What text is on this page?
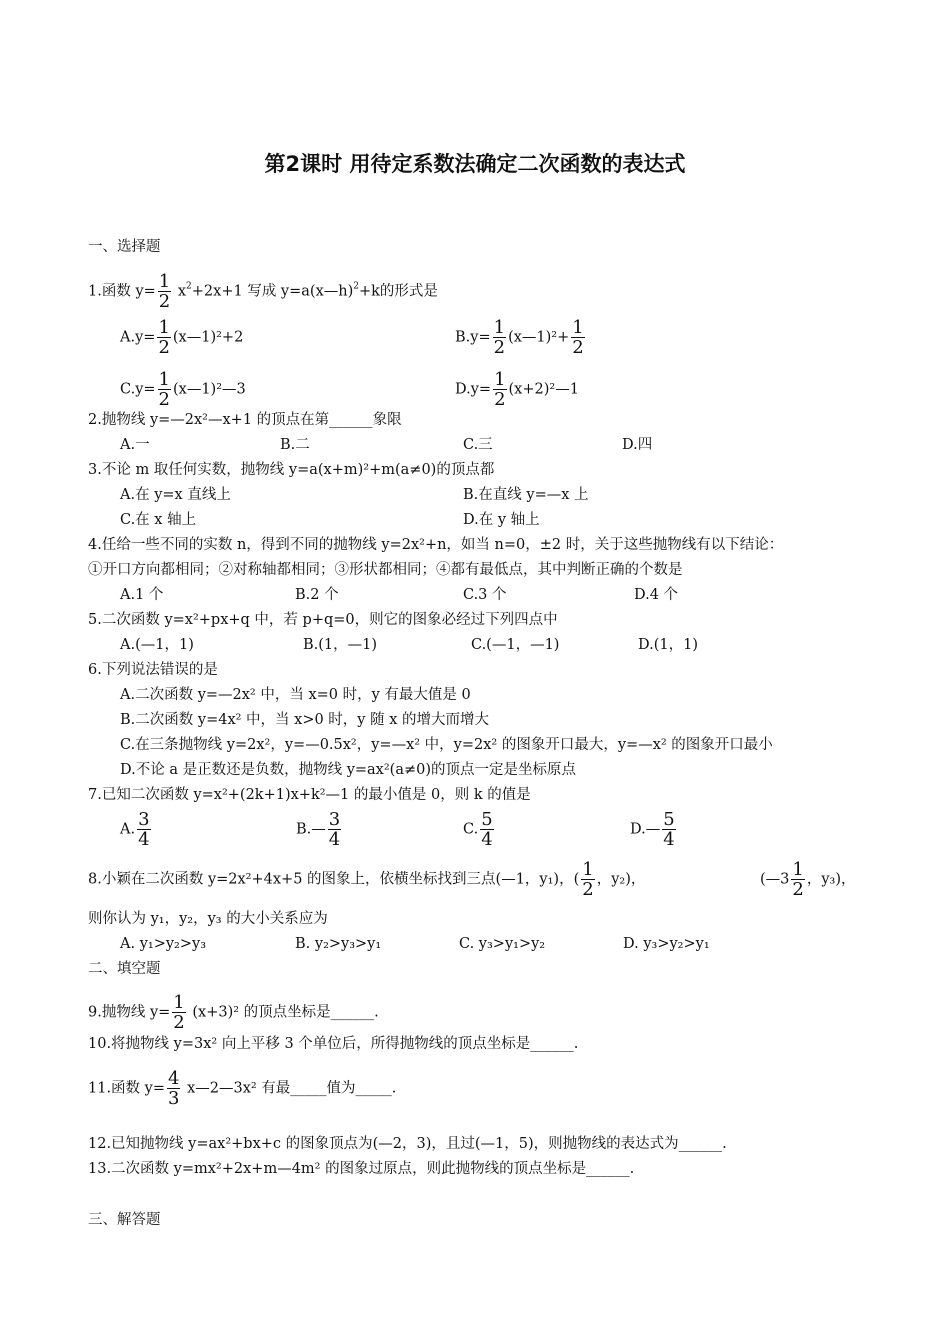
第2课时 用待定系数法确定二次函数的表达式
一、选择题
1.函数 $y= \frac{1}{2} x^2+2x+1$ 写成 y=a(x—h)$^2$+k的形式是
$A.y= \frac{1}{2}$ (x—1)²+2	$B.y= \frac{1}{2}$ (x—1)²+ $\frac{1}{2}$
$C.y= \frac{1}{2}$ (x—1)²—3	$D.y= \frac{1}{2}$ (x+2)²—1
2.抛物线 y=—2x²—x+1 的顶点在第______象限
A.一	B.二	C.三	D.四
3.不论 m 取任何实数，抛物线 y=a(x+m)²+m(a≠0)的顶点都
A.在 y=x 直线上	B.在直线 y=—x 上
C.在 x 轴上	D.在 y 轴上
4.任给一些不同的实数 n，得到不同的抛物线 y=2x²+n，如当 n=0，±2 时，关于这些抛物线有以下结论：
①开口方向都相同；②对称轴都相同；③形状都相同；④都有最低点，其中判断正确的个数是
A.1 个	B.2 个	C.3 个	D.4 个
5.二次函数 y=x²+px+q 中，若 p+q=0，则它的图象必经过下列四点中
A.(—1，1)	B.(1，—1)	C.(—1，—1)	D.(1，1)
6.下列说法错误的是
A.二次函数 y=—2x² 中，当 x=0 时，y 有最大值是 0
B.二次函数 y=4x² 中，当 x>0 时，y 随 x 的增大而增大
C.在三条抛物线 y=2x²，y=—0.5x²，y=—x² 中，y=2x² 的图象开口最大，y=—x² 的图象开口最小
D.不论 a 是正数还是负数，抛物线 y=ax²(a≠0)的顶点一定是坐标原点
7.已知二次函数 y=x²+(2k+1)x+k²—1 的最小值是 0，则 k 的值是
A. $\frac{3}{4}$	B.— $\frac{3}{4}$	C. $\frac{5}{4}$	D.— $\frac{5}{4}$
8.小颖在二次函数 y=2x²+4x+5 的图象上，依横坐标找到三点(—1，y₁)，( $\frac{1}{2}$ ，y₂)，	(—3 $\frac{1}{2}$ ，y₃)，
则你认为 y₁，y₂，y₃ 的大小关系应为
A. y₁>y₂>y₃	B. y₂>y₃>y₁	C. y₃>y₁>y₂	D. y₃>y₂>y₁
二、填空题
9.抛物线 $y= \frac{1}{2} (x+3)^2$ 的顶点坐标是______.
10.将抛物线 y=3x² 向上平移 3 个单位后，所得抛物线的顶点坐标是______.
11.函数 $y= \frac{4}{3}$ x—2—3x² 有最_____值为_____.
12.已知抛物线 y=ax²+bx+c 的图象顶点为(—2，3)，且过(—1，5)，则抛物线的表达式为______.
13.二次函数 y=mx²+2x+m—4m² 的图象过原点，则此抛物线的顶点坐标是______.
三、解答题
